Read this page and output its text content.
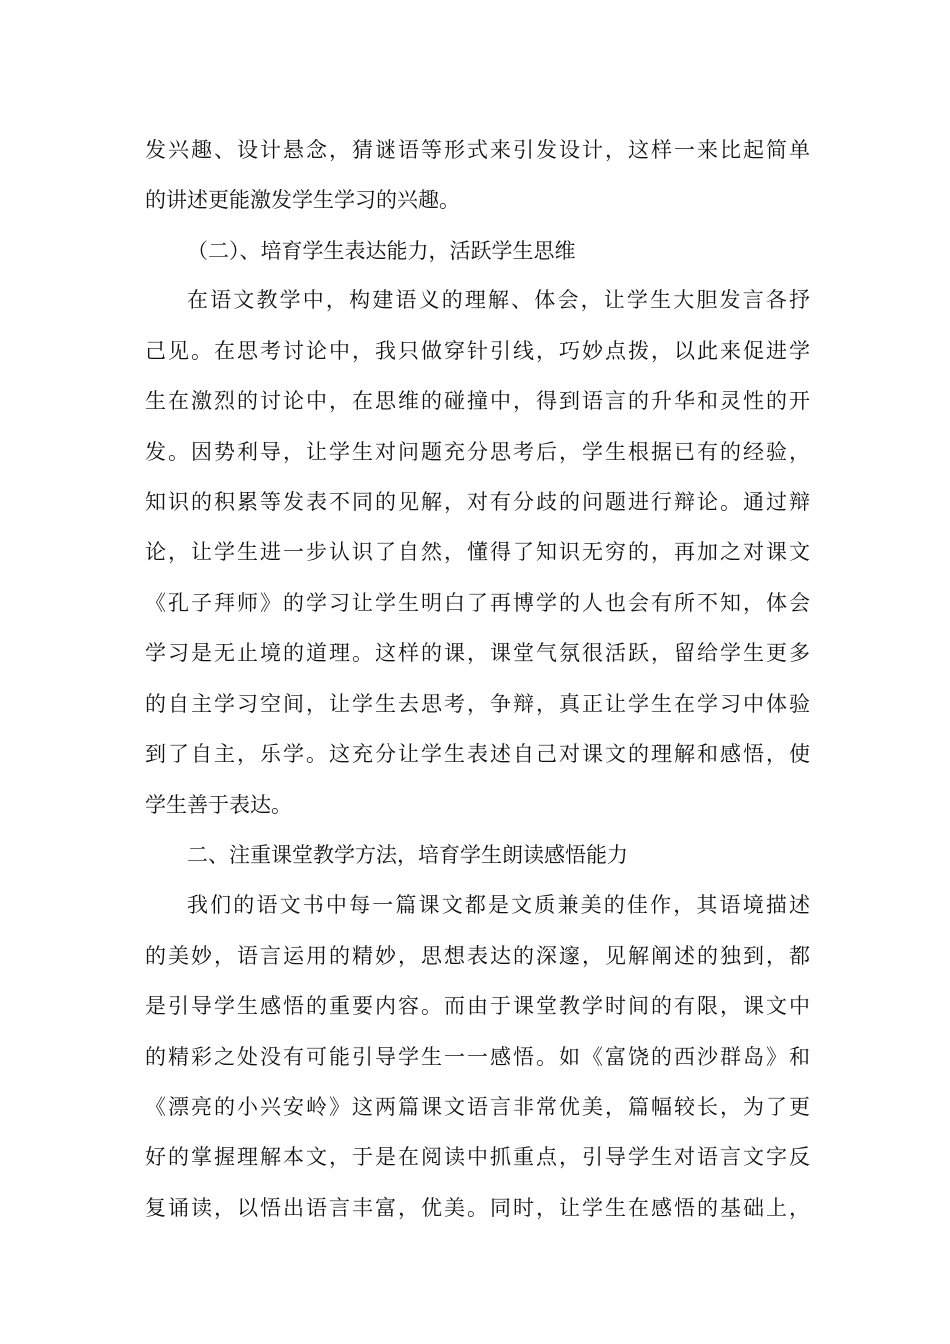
发兴趣、设计悬念，猜谜语等形式来引发设计，这样一来比起简单
的讲述更能激发学生学习的兴趣。
（二）、培育学生表达能力，活跃学生思维
在语文教学中，构建语义的理解、体会，让学生大胆发言各抒
己见。在思考讨论中，我只做穿针引线，巧妙点拨，以此来促进学
生在激烈的讨论中，在思维的碰撞中，得到语言的升华和灵性的开
发。因势利导，让学生对问题充分思考后，学生根据已有的经验，
知识的积累等发表不同的见解，对有分歧的问题进行辩论。通过辩
论，让学生进一步认识了自然，懂得了知识无穷的，再加之对课文
《孔子拜师》的学习让学生明白了再博学的人也会有所不知，体会
学习是无止境的道理。这样的课，课堂气氛很活跃，留给学生更多
的自主学习空间，让学生去思考，争辩，真正让学生在学习中体验
到了自主，乐学。这充分让学生表述自己对课文的理解和感悟，使
学生善于表达。
二、注重课堂教学方法，培育学生朗读感悟能力
我们的语文书中每一篇课文都是文质兼美的佳作，其语境描述
的美妙，语言运用的精妙，思想表达的深邃，见解阐述的独到，都
是引导学生感悟的重要内容。而由于课堂教学时间的有限，课文中
的精彩之处没有可能引导学生一一感悟。如《富饶的西沙群岛》和
《漂亮的小兴安岭》这两篇课文语言非常优美，篇幅较长，为了更
好的掌握理解本文，于是在阅读中抓重点，引导学生对语言文字反
复诵读，以悟出语言丰富，优美。同时，让学生在感悟的基础上，
